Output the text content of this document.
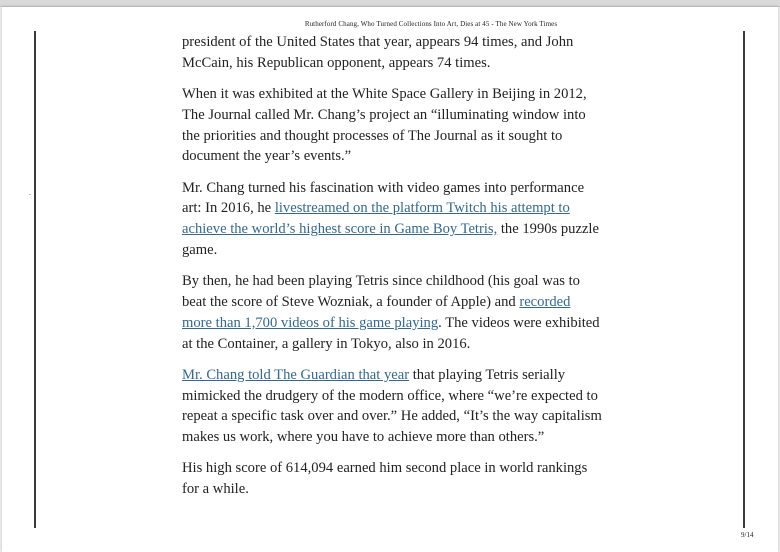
Rutherford Chang, Who Turned Collections Into Art, Dies at 45 - The New York Times

president of the United States that year, appears 94 times, and John McCain, his Republican opponent, appears 74 times.

When it was exhibited at the White Space Gallery in Beijing in 2012, The Journal called Mr. Chang’s project an “illuminating window into the priorities and thought processes of The Journal as it sought to document the year’s events.”

Mr. Chang turned his fascination with video games into performance art: In 2016, he livestreamed on the platform Twitch his attempt to achieve the world’s highest score in Game Boy Tetris, the 1990s puzzle game.

By then, he had been playing Tetris since childhood (his goal was to beat the score of Steve Wozniak, a founder of Apple) and recorded more than 1,700 videos of his game playing. The videos were exhibited at the Container, a gallery in Tokyo, also in 2016.

Mr. Chang told The Guardian that year that playing Tetris serially mimicked the drudgery of the modern office, where “we’re expected to repeat a specific task over and over.” He added, “It’s the way capitalism makes us work, where you have to achieve more than others.”

His high score of 614,094 earned him second place in world rankings for a while.

9/14
